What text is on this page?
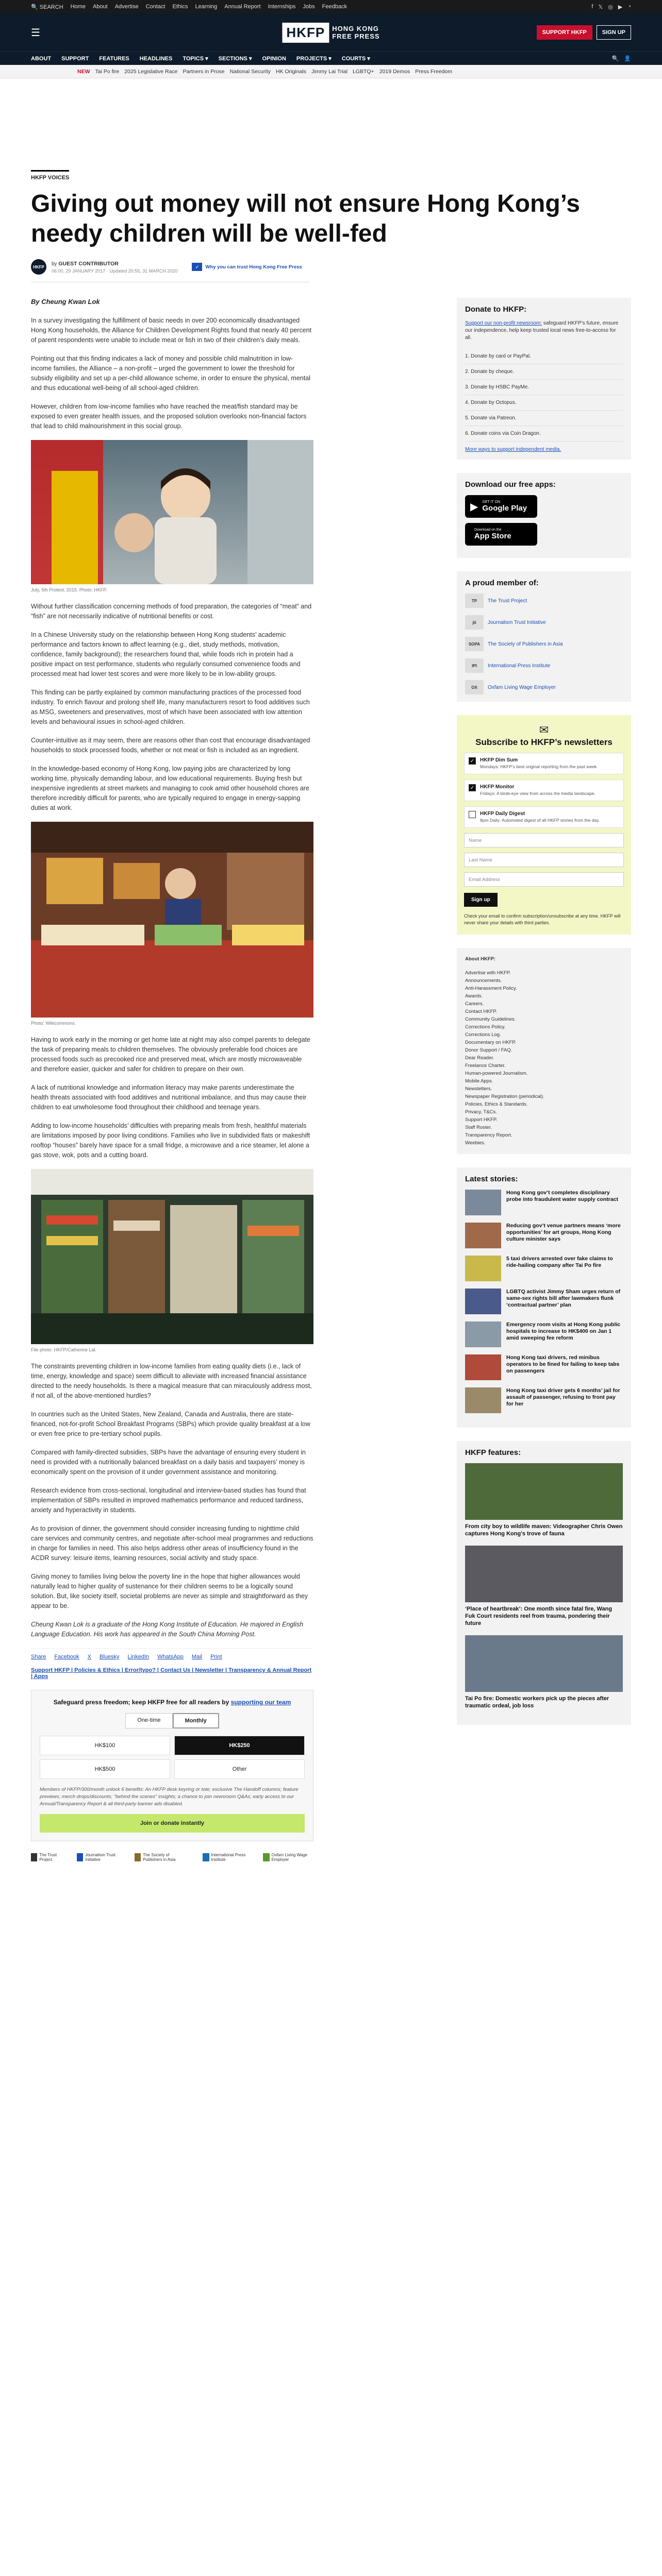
🔍 SEARCH Home About Advertise Contact Ethics Learning Annual Report Internships Jobs Feedback	f 𝕏 ◎ ▶ ◔
☰	HKFP	HONG KONG
FREE PRESS	SUPPORT HKFP	SIGN UP
ABOUT SUPPORT FEATURES HEADLINES TOPICS ▾ SECTIONS ▾ OPINION PROJECTS ▾ COURTS ▾	🔍 👤
NEW Tai Po fire 2025 Legislative Race Partners in Prose National Security HK Originals Jimmy Lai Trial LGBTQ+ 2019 Demos Press Freedom
HKFP VOICES
Giving out money will not ensure Hong Kong’s needy children will be well-fed
HKFP
by GUEST CONTRIBUTOR
06:00, 29 JANUARY 2017 · Updated 20:55, 31 MARCH 2020
✓	Why you can trust Hong Kong Free Press
By Cheung Kwan Lok

In a survey investigating the fulfillment of basic needs in over 200 economically disadvantaged Hong Kong households, the Alliance for Children Development Rights found that nearly 40 percent of parent respondents were unable to include meat or fish in two of their children’s daily meals.

Pointing out that this finding indicates a lack of money and possible child malnutrition in low-income families, the Alliance – a non-profit – urged the government to lower the threshold for subsidy eligibility and set up a per-child allowance scheme, in order to ensure the physical, mental and thus educational well-being of all school-aged children.

However, children from low-income families who have reached the meat/fish standard may be exposed to even greater health issues, and the proposed solution overlooks non-financial factors that lead to child malnourishment in this social group.

July, 5th Protest, 2015. Photo: HKFP.

Without further classification concerning methods of food preparation, the categories of “meat” and “fish” are not necessarily indicative of nutritional benefits or cost.

In a Chinese University study on the relationship between Hong Kong students’ academic performance and factors known to affect learning (e.g., diet, study methods, motivation, confidence, family background); the researchers found that, while foods rich in protein had a positive impact on test performance, students who regularly consumed convenience foods and processed meat had lower test scores and were more likely to be in low-ability groups.

This finding can be partly explained by common manufacturing practices of the processed food industry. To enrich flavour and prolong shelf life, many manufacturers resort to food additives such as MSG, sweeteners and preservatives, most of which have been associated with low attention levels and behavioural issues in school-aged children.

Counter-intuitive as it may seem, there are reasons other than cost that encourage disadvantaged households to stock processed foods, whether or not meat or fish is included as an ingredient.

In the knowledge-based economy of Hong Kong, low paying jobs are characterized by long working time, physically demanding labour, and low educational requirements. Buying fresh but inexpensive ingredients at street markets and managing to cook amid other household chores are therefore incredibly difficult for parents, who are typically required to engage in energy-sapping duties at work.

Photo: Wikicommons.

Having to work early in the morning or get home late at night may also compel parents to delegate the task of preparing meals to children themselves. The obviously preferable food choices are processed foods such as precooked rice and preserved meat, which are mostly microwaveable and therefore easier, quicker and safer for children to prepare on their own.

A lack of nutritional knowledge and information literacy may make parents underestimate the health threats associated with food additives and nutritional imbalance, and thus may cause their children to eat unwholesome food throughout their childhood and teenage years.

Adding to low-income households’ difficulties with preparing meals from fresh, healthful materials are limitations imposed by poor living conditions. Families who live in subdivided flats or makeshift rooftop “houses” barely have space for a small fridge, a microwave and a rice steamer, let alone a gas stove, wok, pots and a cutting board.

File photo: HKFP/Catherine Lai.

The constraints preventing children in low-income families from eating quality diets (i.e., lack of time, energy, knowledge and space) seem difficult to alleviate with increased financial assistance directed to the needy households. Is there a magical measure that can miraculously address most, if not all, of the above-mentioned hurdles?

In countries such as the United States, New Zealand, Canada and Australia, there are state-financed, not-for-profit School Breakfast Programs (SBPs) which provide quality breakfast at a low or even free price to pre-tertiary school pupils.

Compared with family-directed subsidies, SBPs have the advantage of ensuring every student in need is provided with a nutritionally balanced breakfast on a daily basis and taxpayers’ money is economically spent on the provision of it under government assistance and monitoring.

Research evidence from cross-sectional, longitudinal and interview-based studies has found that implementation of SBPs resulted in improved mathematics performance and reduced tardiness, anxiety and hyperactivity in students.

As to provision of dinner, the government should consider increasing funding to nighttime child care services and community centres, and negotiate after-school meal programmes and reductions in charge for families in need. This also helps address other areas of insufficiency found in the ACDR survey: leisure items, learning resources, social activity and study space.

Giving money to families living below the poverty line in the hope that higher allowances would naturally lead to higher quality of sustenance for their children seems to be a logically sound solution. But, like society itself, societal problems are never as simple and straightforward as they appear to be.

Cheung Kwan Lok is a graduate of the Hong Kong Institute of Education. He majored in English Language Education. His work has appeared in the South China Morning Post.

Share Facebook X Bluesky LinkedIn WhatsApp Mail Print
Support HKFP | Policies & Ethics | Error/typo? | Contact Us | Newsletter | Transparency & Annual Report | Apps
Safeguard press freedom; keep HKFP free for all readers by supporting our team
One-time	Monthly
HK$100	HK$250
HK$500	Other
Members of HKFP/300/month unlock 6 benefits: An HKFP desk keyring or tote; exclusive The Handoff columns; feature previews; merch drops/discounts; "behind the scenes" insights; a chance to join newsroom Q&As; early access to our Annual/Transparency Report & all third-party banner ads disabled.
Join or donate instantly
The Trust Project
Journalism Trust Initiative
The Society of Publishers in Asia
International Press Institute
Oxfam Living Wage Employer
Donate to HKFP:

Support our non-profit newsroom: safeguard HKFP’s future, ensure our independence, help keep trusted local news free-to-access for all.

1. Donate by card or PayPal.
2. Donate by cheque.
3. Donate by HSBC PayMe.
4. Donate by Octopus.
5. Donate via Patreon.
6. Donate coins via Coin Dragon.
More ways to support independent media.
Download our free apps:
▶ GET IT ON
Google Play
Download on the
App Store
A proud member of:
TP	The Trust Project
jti	Journalism Trust Initiative
SOPA	The Society of Publishers in Asia
IPI	International Press Institute
OX	Oxfam Living Wage Employer
✉
Subscribe to HKFP’s newsletters
✓ HKFP Dim Sum
Mondays: HKFP’s best original reporting from the past week.
✓ HKFP Monitor
Fridays: A birds-eye view from across the media landscape.
HKFP Daily Digest
8pm Daily: Automated digest of all HKFP stories from the day.
Name
Last Name
Email Address
Sign up
Check your email to confirm subscription/unsubscribe at any time. HKFP will never share your details with third parties.
About HKFP:
Advertise with HKFP.
Announcements.
Anti-Harassment Policy.
Awards.
Careers.
Contact HKFP.
Community Guidelines.
Corrections Policy.
Corrections Log.
Documentary on HKFP.
Donor Support / FAQ.
Dear Reader.
Freelance Charter.
Human-powered Journalism.
Mobile Apps.
Newsletters.
Newspaper Registration (periodical).
Policies, Ethics & Standards.
Privacy, T&Cs.
Support HKFP.
Staff Roster.
Transparency Report.
Weebies.
Latest stories:
Hong Kong gov’t completes disciplinary probe into fraudulent water supply contract
Reducing gov’t venue partners means ‘more opportunities’ for art groups, Hong Kong culture minister says
5 taxi drivers arrested over fake claims to ride-hailing company after Tai Po fire
LGBTQ activist Jimmy Sham urges return of same-sex rights bill after lawmakers flunk ‘contractual partner’ plan
Emergency room visits at Hong Kong public hospitals to increase to HK$400 on Jan 1 amid sweeping fee reform
Hong Kong taxi drivers, red minibus operators to be fined for failing to keep tabs on passengers
Hong Kong taxi driver gets 6 months’ jail for assault of passenger, refusing to front pay for her
HKFP features:
From city boy to wildlife maven: Videographer Chris Owen captures Hong Kong’s trove of fauna
‘Place of heartbreak’: One month since fatal fire, Wang Fuk Court residents reel from trauma, pondering their future
Tai Po fire: Domestic workers pick up the pieces after traumatic ordeal, job loss
